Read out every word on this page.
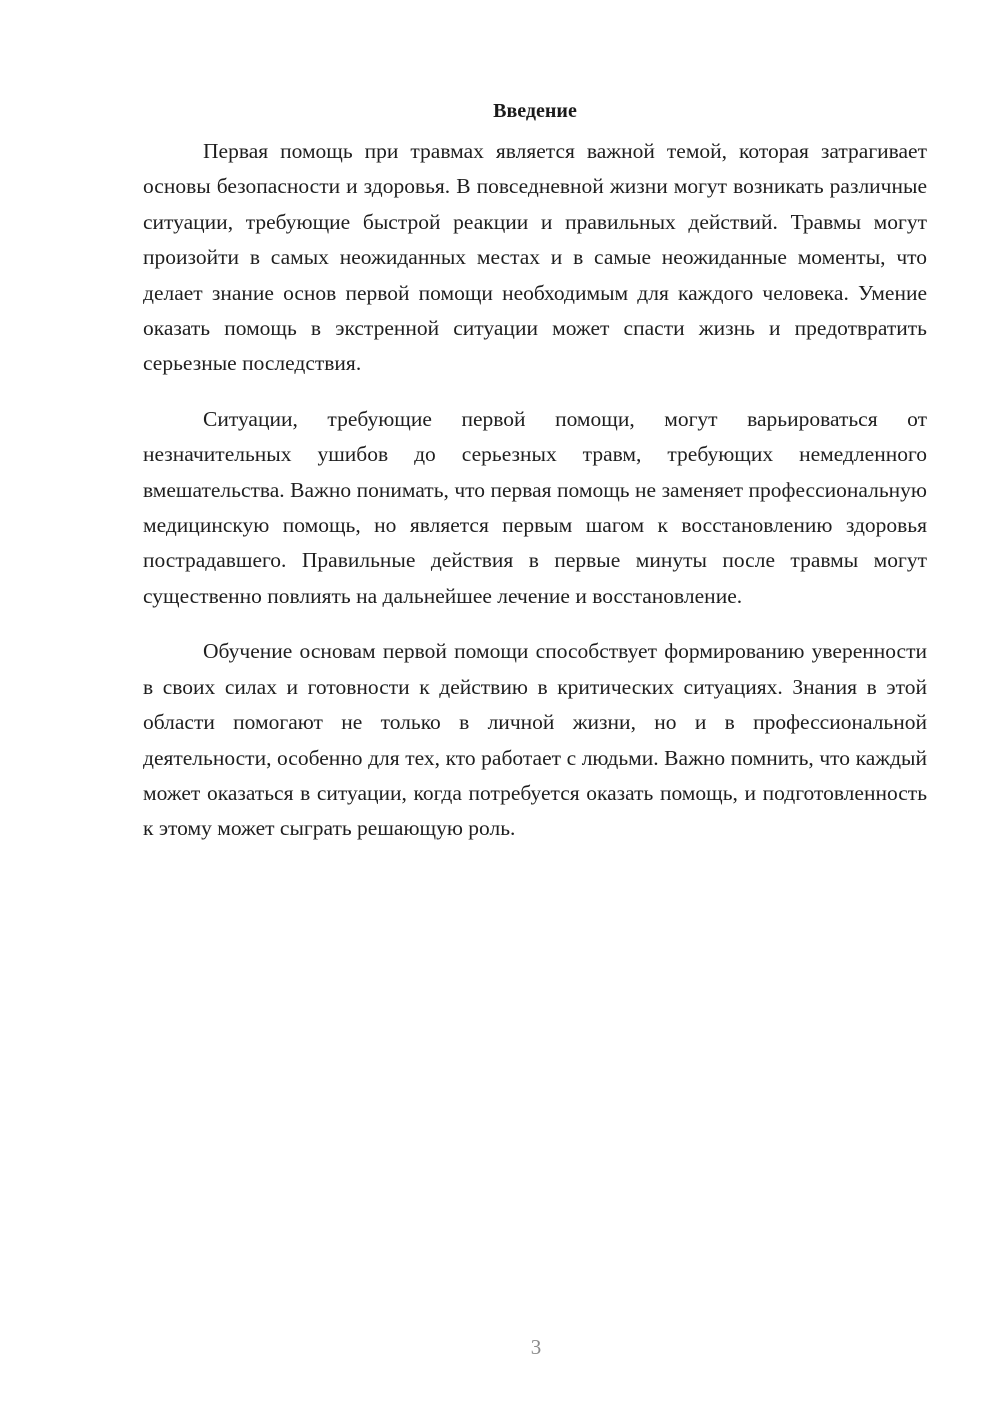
Введение

Первая помощь при травмах является важной темой, которая затрагивает основы безопасности и здоровья. В повседневной жизни могут возникать различные ситуации, требующие быстрой реакции и правильных действий. Травмы могут произойти в самых неожиданных местах и в самые неожиданные моменты, что делает знание основ первой помощи необходимым для каждого человека. Умение оказать помощь в экстренной ситуации может спасти жизнь и предотвратить серьезные последствия.

Ситуации, требующие первой помощи, могут варьироваться от незначительных ушибов до серьезных травм, требующих немедленного вмешательства. Важно понимать, что первая помощь не заменяет профессиональную медицинскую помощь, но является первым шагом к восстановлению здоровья пострадавшего. Правильные действия в первые минуты после травмы могут существенно повлиять на дальнейшее лечение и восстановление.

Обучение основам первой помощи способствует формированию уверенности в своих силах и готовности к действию в критических ситуациях. Знания в этой области помогают не только в личной жизни, но и в профессиональной деятельности, особенно для тех, кто работает с людьми. Важно помнить, что каждый может оказаться в ситуации, когда потребуется оказать помощь, и подготовленность к этому может сыграть решающую роль.

3
